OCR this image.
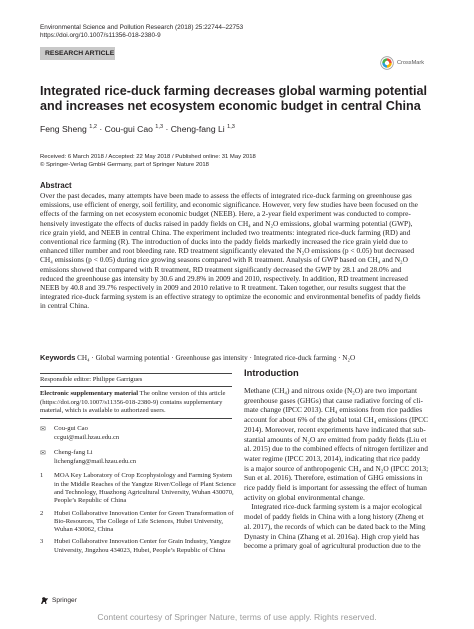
Environmental Science and Pollution Research (2018) 25:22744–22753
https://doi.org/10.1007/s11356-018-2380-9
RESEARCH ARTICLE
CrossMark
Integrated rice-duck farming decreases global warming potential
and increases net ecosystem economic budget in central China
Feng Sheng $^{1,2}$ · Cou-gui Cao $^{1,3}$ · Cheng-fang Li $^{1,3}$
Received: 6 March 2018 / Accepted: 22 May 2018 / Published online: 31 May 2018
© Springer-Verlag GmbH Germany, part of Springer Nature 2018
Abstract
Over the past decades, many attempts have been made to assess the effects of integrated rice-duck farming on greenhouse gas
emissions, use efficient of energy, soil fertility, and economic significance. However, very few studies have been focused on the
effects of the farming on net ecosystem economic budget (NEEB). Here, a 2-year field experiment was conducted to compre-
hensively investigate the effects of ducks raised in paddy fields on CH₄ and N₂O emissions, global warming potential (GWP),
rice grain yield, and NEEB in central China. The experiment included two treatments: integrated rice-duck farming (RD) and
conventional rice farming (R). The introduction of ducks into the paddy fields markedly increased the rice grain yield due to
enhanced tiller number and root bleeding rate. RD treatment significantly elevated the N₂O emissions (p < 0.05) but decreased
CH₄ emissions (p < 0.05) during rice growing seasons compared with R treatment. Analysis of GWP based on CH₄ and N₂O
emissions showed that compared with R treatment, RD treatment significantly decreased the GWP by 28.1 and 28.0% and
reduced the greenhouse gas intensity by 30.6 and 29.8% in 2009 and 2010, respectively. In addition, RD treatment increased
NEEB by 40.8 and 39.7% respectively in 2009 and 2010 relative to R treatment. Taken together, our results suggest that the
integrated rice-duck farming system is an effective strategy to optimize the economic and environmental benefits of paddy fields
in central China.
Keywords CH₄ · Global warming potential · Greenhouse gas intensity · Integrated rice-duck farming · N₂O
Responsible editor: Philippe Garrigues
Electronic supplementary material The online version of this article
(https://doi.org/10.1007/s11356-018-2380-9) contains supplementary
material, which is available to authorized users.
✉	Cou-gui Cao
ccgui@mail.hzau.edu.cn
✉	Cheng-fang Li
lichengfang@mail.hzau.edu.cn
1	MOA Key Laboratory of Crop Ecophysiology and Farming System
in the Middle Reaches of the Yangtze River/College of Plant Science
and Technology, Huazhong Agricultural University, Wuhan 430070,
People’s Republic of China
2	Hubei Collaborative Innovation Center for Green Transformation of
Bio-Resources, The College of Life Sciences, Hubei University,
Wuhan 430062, China
3	Hubei Collaborative Innovation Center for Grain Industry, Yangtze
University, Jingzhou 434023, Hubei, People’s Republic of China
Springer
Introduction
Methane (CH₄) and nitrous oxide (N₂O) are two important
greenhouse gases (GHGs) that cause radiative forcing of cli-
mate change (IPCC 2013). CH₄ emissions from rice paddies
account for about 6% of the global total CH₄ emissions (IPCC
2014). Moreover, recent experiments have indicated that sub-
stantial amounts of N₂O are emitted from paddy fields (Liu et
al. 2015) due to the combined effects of nitrogen fertilizer and
water regime (IPCC 2013, 2014), indicating that rice paddy
is a major source of anthropogenic CH₄ and N₂O (IPCC 2013;
Sun et al. 2016). Therefore, estimation of GHG emissions in
rice paddy field is important for assessing the effect of human
activity on global environmental change.
Integrated rice-duck farming system is a major ecological
model of paddy fields in China with a long history (Zheng et
al. 2017), the records of which can be dated back to the Ming
Dynasty in China (Zhang et al. 2016a). High crop yield has
become a primary goal of agricultural production due to the
Content courtesy of Springer Nature, terms of use apply. Rights reserved.
